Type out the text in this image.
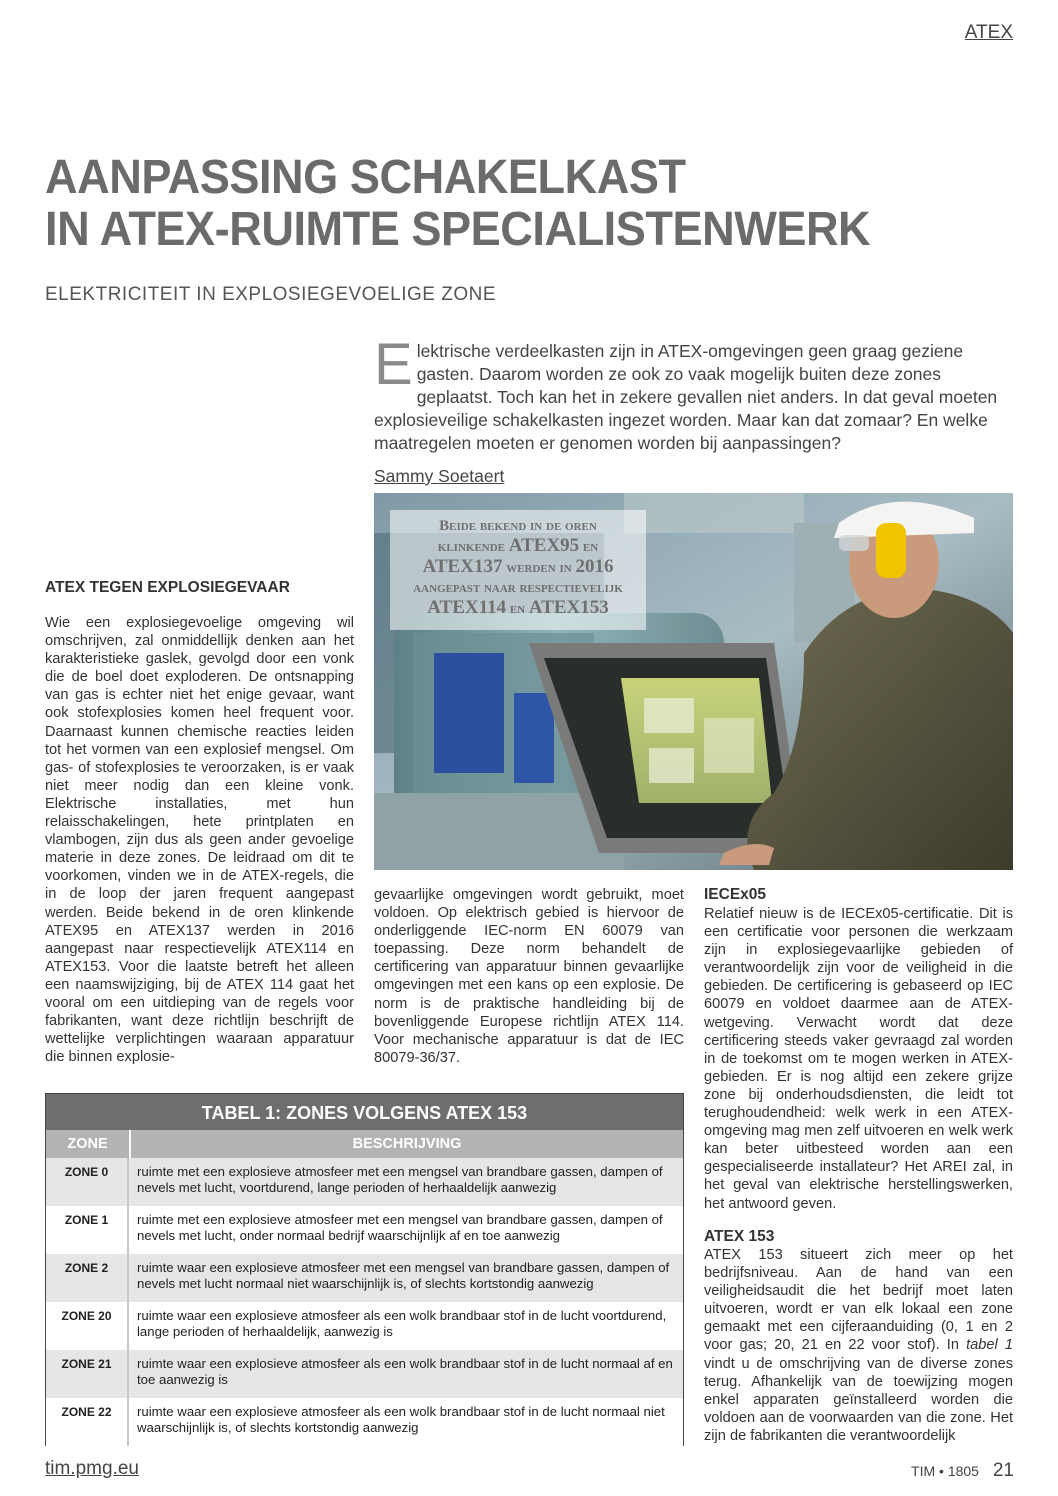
ATEX
AANPASSING SCHAKELKAST
IN ATEX-RUIMTE SPECIALISTENWERK
ELEKTRICITEIT IN EXPLOSIEGEVOELIGE ZONE
Elektrische verdeelkasten zijn in ATEX-omgevingen geen graag geziene gasten. Daarom worden ze ook zo vaak mogelijk buiten deze zones geplaatst. Toch kan het in zekere gevallen niet anders. In dat geval moeten explosieveilige schakelkasten ingezet worden. Maar kan dat zomaar? En welke maatregelen moeten er genomen worden bij aanpassingen?
Sammy Soetaert
Beide bekend in de oren
klinkende ATEX95 en
ATEX137 werden in 2016
aangepast naar respectievelijk
ATEX114 en ATEX153
ATEX TEGEN EXPLOSIEGEVAAR
Wie een explosiegevoelige omgeving wil omschrijven, zal onmiddellijk denken aan het karakteristieke gaslek, gevolgd door een vonk die de boel doet exploderen. De ontsnapping van gas is echter niet het enige gevaar, want ook stofexplosies komen heel frequent voor. Daarnaast kunnen chemische reacties leiden tot het vormen van een explosief mengsel. Om gas- of stofexplosies te veroorzaken, is er vaak niet meer nodig dan een kleine vonk. Elektrische installaties, met hun relaisschakelingen, hete printplaten en vlambogen, zijn dus als geen ander gevoelige materie in deze zones. De leidraad om dit te voorkomen, vinden we in de ATEX-regels, die in de loop der jaren frequent aangepast werden. Beide bekend in de oren klinkende ATEX95 en ATEX137 werden in 2016 aangepast naar respectievelijk ATEX114 en ATEX153. Voor die laatste betreft het alleen een naamswijziging, bij de ATEX 114 gaat het vooral om een uitdieping van de regels voor fabrikanten, want deze richtlijn beschrijft de wettelijke verplichtingen waaraan apparatuur die binnen explosie-
gevaarlijke omgevingen wordt gebruikt, moet voldoen. Op elektrisch gebied is hiervoor de onderliggende IEC-norm EN 60079 van toepassing. Deze norm behandelt de certificering van apparatuur binnen gevaarlijke omgevingen met een kans op een explosie. De norm is de praktische handleiding bij de bovenliggende Europese richtlijn ATEX 114. Voor mechanische apparatuur is dat de IEC 80079-36/37.
IECEx05
Relatief nieuw is de IECEx05-certificatie. Dit is een certificatie voor personen die werkzaam zijn in explosiegevaarlijke gebieden of verantwoordelijk zijn voor de veiligheid in die gebieden. De certificering is gebaseerd op IEC 60079 en voldoet daarmee aan de ATEX-wetgeving. Verwacht wordt dat deze certificering steeds vaker gevraagd zal worden in de toekomst om te mogen werken in ATEX-gebieden. Er is nog altijd een zekere grijze zone bij onderhoudsdiensten, die leidt tot terughoudendheid: welk werk in een ATEX-omgeving mag men zelf uitvoeren en welk werk kan beter uitbesteed worden aan een gespecialiseerde installateur? Het AREI zal, in het geval van elektrische herstellingswerken, het antwoord geven.
ATEX 153
ATEX 153 situeert zich meer op het bedrijfsniveau. Aan de hand van een veiligheidsaudit die het bedrijf moet laten uitvoeren, wordt er van elk lokaal een zone gemaakt met een cijferaanduiding (0, 1 en 2 voor gas; 20, 21 en 22 voor stof). In tabel 1 vindt u de omschrijving van de diverse zones terug. Afhankelijk van de toewijzing mogen enkel apparaten geïnstalleerd worden die voldoen aan de voorwaarden van die zone. Het zijn de fabrikanten die verantwoordelijk
TABEL 1: ZONES VOLGENS ATEX 153
ZONE	BESCHRIJVING
ZONE 0	ruimte met een explosieve atmosfeer met een mengsel van brandbare gassen, dampen of nevels met lucht, voortdurend, lange perioden of herhaaldelijk aanwezig
ZONE 1	ruimte met een explosieve atmosfeer met een mengsel van brandbare gassen, dampen of nevels met lucht, onder normaal bedrijf waarschijnlijk af en toe aanwezig
ZONE 2	ruimte waar een explosieve atmosfeer met een mengsel van brandbare gassen, dampen of nevels met lucht normaal niet waarschijnlijk is, of slechts kortstondig aanwezig
ZONE 20	ruimte waar een explosieve atmosfeer als een wolk brandbaar stof in de lucht voortdurend, lange perioden of herhaaldelijk, aanwezig is
ZONE 21	ruimte waar een explosieve atmosfeer als een wolk brandbaar stof in de lucht normaal af en toe aanwezig is
ZONE 22	ruimte waar een explosieve atmosfeer als een wolk brandbaar stof in de lucht normaal niet waarschijnlijk is, of slechts kortstondig aanwezig
tim.pmg.eu	TIM • 1805 21
